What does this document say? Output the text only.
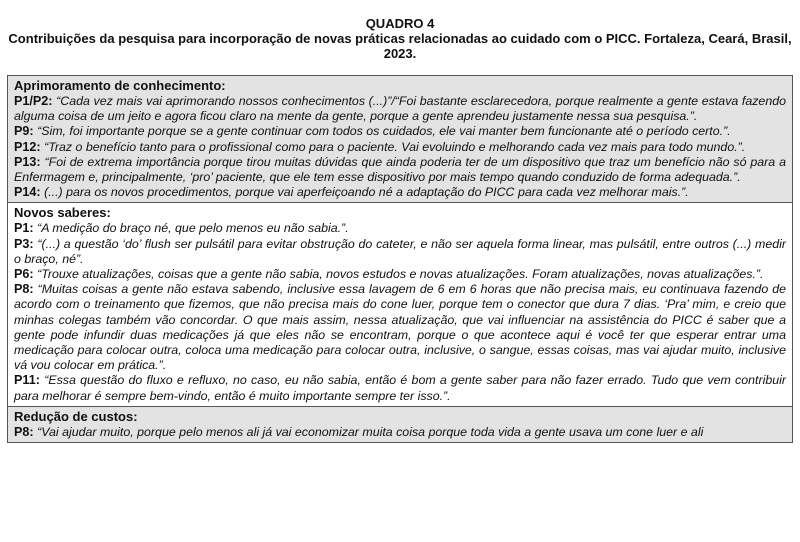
QUADRO 4
Contribuições da pesquisa para incorporação de novas práticas relacionadas ao cuidado com o PICC. Fortaleza, Ceará, Brasil, 2023.
Aprimoramento de conhecimento:
P1/P2: “Cada vez mais vai aprimorando nossos conhecimentos (...)”/“Foi bastante esclarecedora, porque realmente a gente estava fazendo alguma coisa de um jeito e agora ficou claro na mente da gente, porque a gente aprendeu justamente nessa sua pesquisa.”.
P9: “Sim, foi importante porque se a gente continuar com todos os cuidados, ele vai manter bem funcionante até o período certo.”.
P12: “Traz o benefício tanto para o profissional como para o paciente. Vai evoluindo e melhorando cada vez mais para todo mundo.”.
P13: “Foi de extrema importância porque tirou muitas dúvidas que ainda poderia ter de um dispositivo que traz um benefício não só para a Enfermagem e, principalmente, ‘pro’ paciente, que ele tem esse dispositivo por mais tempo quando conduzido de forma adequada.”.
P14: (...) para os novos procedimentos, porque vai aperfeiçoando né a adaptação do PICC para cada vez melhorar mais.”.
Novos saberes:
P1: “A medição do braço né, que pelo menos eu não sabia.”.
P3: “(...) a questão ‘do’ flush ser pulsátil para evitar obstrução do cateter, e não ser aquela forma linear, mas pulsátil, entre outros (...) medir o braço, né”.
P6: “Trouxe atualizações, coisas que a gente não sabia, novos estudos e novas atualizações. Foram atualizações, novas atualizações.”.
P8: “Muitas coisas a gente não estava sabendo, inclusive essa lavagem de 6 em 6 horas que não precisa mais, eu continuava fazendo de acordo com o treinamento que fizemos, que não precisa mais do cone luer, porque tem o conector que dura 7 dias. ‘Pra’ mim, e creio que minhas colegas também vão concordar. O que mais assim, nessa atualização, que vai influenciar na assistência do PICC é saber que a gente pode infundir duas medicações já que eles não se encontram, porque o que acontece aqui é você ter que esperar entrar uma medicação para colocar outra, coloca uma medicação para colocar outra, inclusive, o sangue, essas coisas, mas vai ajudar muito, inclusive vá vou colocar em prática.”.
P11: “Essa questão do fluxo e refluxo, no caso, eu não sabia, então é bom a gente saber para não fazer errado. Tudo que vem contribuir para melhorar é sempre bem-vindo, então é muito importante sempre ter isso.”.
Redução de custos:
P8: “Vai ajudar muito, porque pelo menos ali já vai economizar muita coisa porque toda vida a gente usava um cone luer e ali
